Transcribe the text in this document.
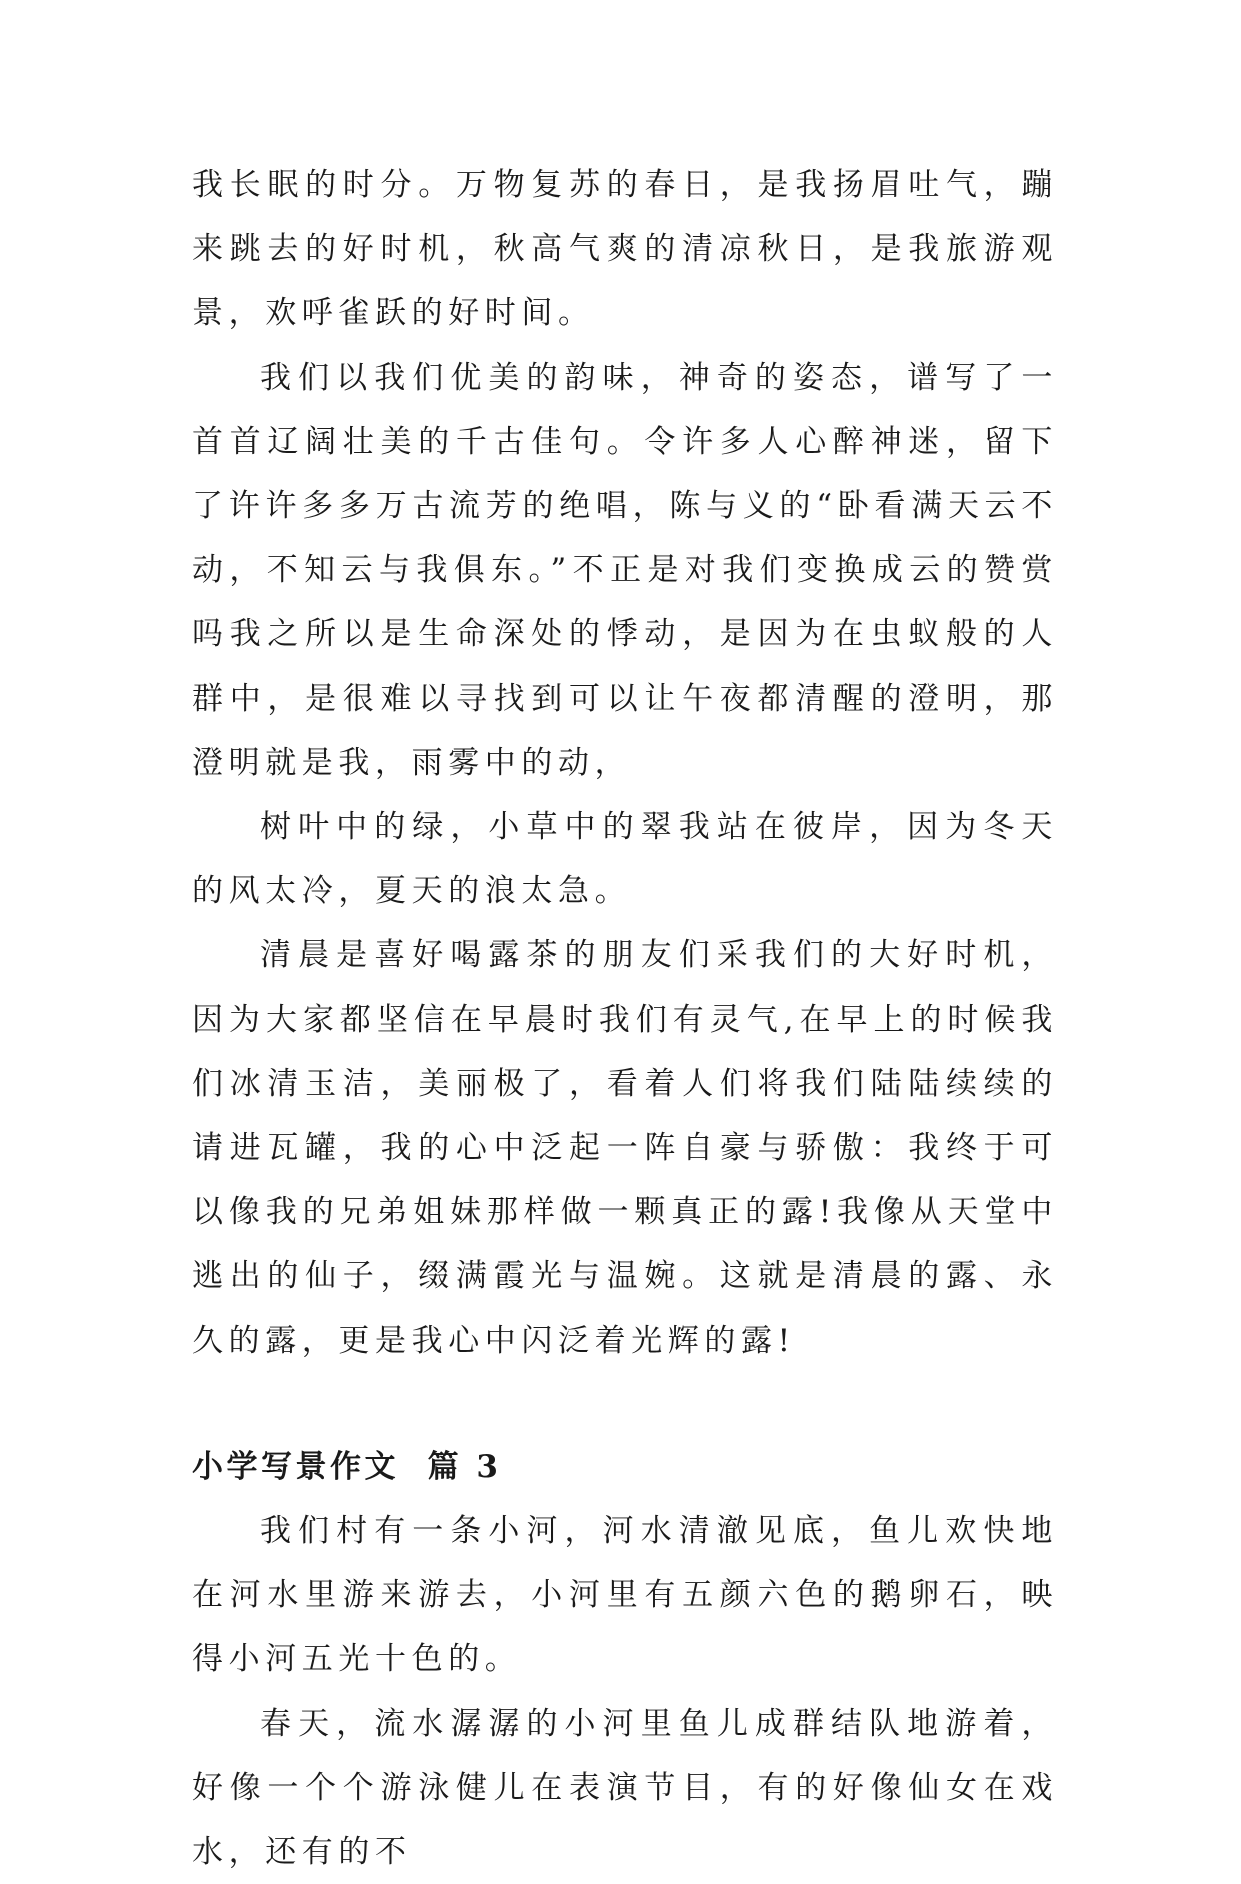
我长眠的时分。万物复苏的春日，是我扬眉吐气，蹦来跳去的好时机，秋高气爽的清凉秋日，是我旅游观景，欢呼雀跃的好时间。

我们以我们优美的韵味，神奇的姿态，谱写了一首首辽阔壮美的千古佳句。令许多人心醉神迷，留下了许许多多万古流芳的绝唱，陈与义的“卧看满天云不动，不知云与我俱东。”不正是对我们变换成云的赞赏吗我之所以是生命深处的悸动，是因为在虫蚁般的人群中，是很难以寻找到可以让午夜都清醒的澄明，那澄明就是我，雨雾中的动，

树叶中的绿，小草中的翠我站在彼岸，因为冬天的风太冷，夏天的浪太急。

清晨是喜好喝露茶的朋友们采我们的大好时机，因为大家都坚信在早晨时我们有灵气,在早上的时候我们冰清玉洁，美丽极了，看着人们将我们陆陆续续的请进瓦罐，我的心中泛起一阵自豪与骄傲：我终于可以像我的兄弟姐妹那样做一颗真正的露!我像从天堂中逃出的仙子，缀满霞光与温婉。这就是清晨的露、永久的露，更是我心中闪泛着光辉的露!

小学写景作文  篇 3

我们村有一条小河，河水清澈见底，鱼儿欢快地在河水里游来游去，小河里有五颜六色的鹅卵石，映得小河五光十色的。

春天，流水潺潺的小河里鱼儿成群结队地游着，好像一个个游泳健儿在表演节目，有的好像仙女在戏水，还有的不
